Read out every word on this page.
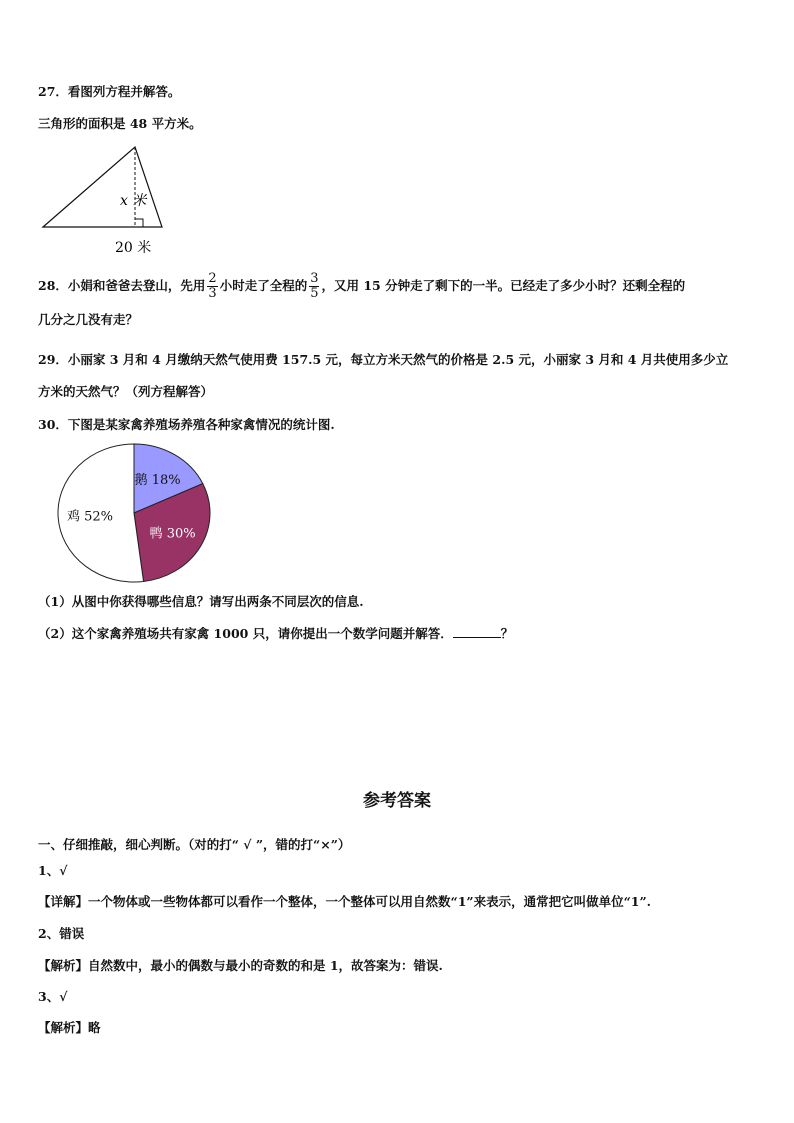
27．看图列方程并解答。
三角形的面积是 48 平方米。
x 米
20 米
28．小娟和爸爸去登山，先用 $\frac{2}{3}$ 小时走了全程的 $\frac{3}{5}$ ，又用 15 分钟走了剩下的一半。已经走了多少小时？还剩全程的
几分之几没有走？
29．小丽家 3 月和 4 月缴纳天然气使用费 157.5 元，每立方米天然气的价格是 2.5 元，小丽家 3 月和 4 月共使用多少立
方米的天然气？（列方程解答）
30．下图是某家禽养殖场养殖各种家禽情况的统计图.
鹅 18%
鸭 30%
鸡 52%
（1）从图中你获得哪些信息？请写出两条不同层次的信息.
（2）这个家禽养殖场共有家禽 1000 只，请你提出一个数学问题并解答．	？
参考答案
一、仔细推敲，细心判断。（对的打“ √ ”，错的打“×”）
1、√
【详解】一个物体或一些物体都可以看作一个整体，一个整体可以用自然数“1”来表示，通常把它叫做单位“1”.
2、错误
【解析】自然数中，最小的偶数与最小的奇数的和是 1，故答案为：错误.
3、√
【解析】略
